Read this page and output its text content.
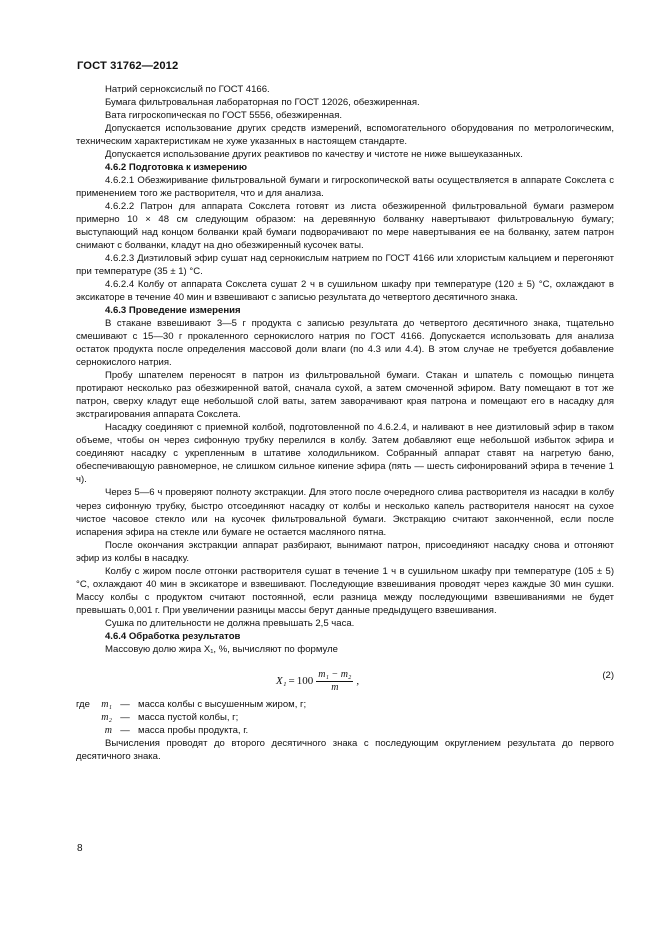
ГОСТ 31762—2012

Натрий серноксислый по ГОСТ 4166.

Бумага фильтровальная лабораторная по ГОСТ 12026, обезжиренная.

Вата гигроскопическая по ГОСТ 5556, обезжиренная.

Допускается использование других средств измерений, вспомогательного оборудования по метрологическим, техническим характеристикам не хуже указанных в настоящем стандарте.

Допускается использование других реактивов по качеству и чистоте не ниже вышеуказанных.

4.6.2 Подготовка к измерению

4.6.2.1 Обезжиривание фильтровальной бумаги и гигроскопической ваты осуществляется в аппарате Сокслета с применением того же растворителя, что и для анализа.

4.6.2.2 Патрон для аппарата Сокслета готовят из листа обезжиренной фильтровальной бумаги размером примерно 10 × 48 см следующим образом: на деревянную болванку навертывают фильтровальную бумагу; выступающий над концом болванки край бумаги подворачивают по мере навертывания ее на болванку, затем патрон снимают с болванки, кладут на дно обезжиренный кусочек ваты.

4.6.2.3 Диэтиловый эфир сушат над сернокислым натрием по ГОСТ 4166 или хлористым кальцием и перегоняют при температуре (35 ± 1) °С.

4.6.2.4 Колбу от аппарата Сокслета сушат 2 ч в сушильном шкафу при температуре (120 ± 5) °С, охлаждают в эксикаторе в течение 40 мин и взвешивают с записью результата до четвертого десятичного знака.

4.6.3 Проведение измерения

В стакане взвешивают 3—5 г продукта с записью результата до четвертого десятичного знака, тщательно смешивают с 15—30 г прокаленного сернокислого натрия по ГОСТ 4166. Допускается использовать для анализа остаток продукта после определения массовой доли влаги (по 4.3 или 4.4). В этом случае не требуется добавление сернокислого натрия.

Пробу шпателем переносят в патрон из фильтровальной бумаги. Стакан и шпатель с помощью пинцета протирают несколько раз обезжиренной ватой, сначала сухой, а затем смоченной эфиром. Вату помещают в тот же патрон, сверху кладут еще небольшой слой ваты, затем заворачивают края патрона и помещают его в насадку для экстрагирования аппарата Сокслета.

Насадку соединяют с приемной колбой, подготовленной по 4.6.2.4, и наливают в нее диэтиловый эфир в таком объеме, чтобы он через сифонную трубку перелился в колбу. Затем добавляют еще небольшой избыток эфира и соединяют насадку с укрепленным в штативе холодильником. Собранный аппарат ставят на нагретую баню, обеспечивающую равномерное, не слишком сильное кипение эфира (пять — шесть сифонирований эфира в течение 1 ч).

Через 5—6 ч проверяют полноту экстракции. Для этого после очередного слива растворителя из насадки в колбу через сифонную трубку, быстро отсоединяют насадку от колбы и несколько капель растворителя наносят на сухое чистое часовое стекло или на кусочек фильтровальной бумаги. Экстракцию считают законченной, если после испарения эфира на стекле или бумаге не остается масляного пятна.

После окончания экстракции аппарат разбирают, вынимают патрон, присоединяют насадку снова и отгоняют эфир из колбы в насадку.

Колбу с жиром после отгонки растворителя сушат в течение 1 ч в сушильном шкафу при температуре (105 ± 5) °С, охлаждают 40 мин в эксикаторе и взвешивают. Последующие взвешивания проводят через каждые 30 мин сушки. Массу колбы с продуктом считают постоянной, если разница между последующими взвешиваниями не будет превышать 0,001 г. При увеличении разницы массы берут данные предыдущего взвешивания.

Сушка по длительности не должна превышать 2,5 часа.

4.6.4 Обработка результатов

Массовую долю жира X₁, %, вычисляют по формуле

$X_1 = 100 \frac{\text{m₁ − m₂}}{m}$ ,	(2)
где	m₁ — масса колбы с высушенным жиром, г;
m₂ — масса пустой колбы, г;
m — масса пробы продукта, г.

Вычисления проводят до второго десятичного знака с последующим округлением результата до первого десятичного знака.

8
